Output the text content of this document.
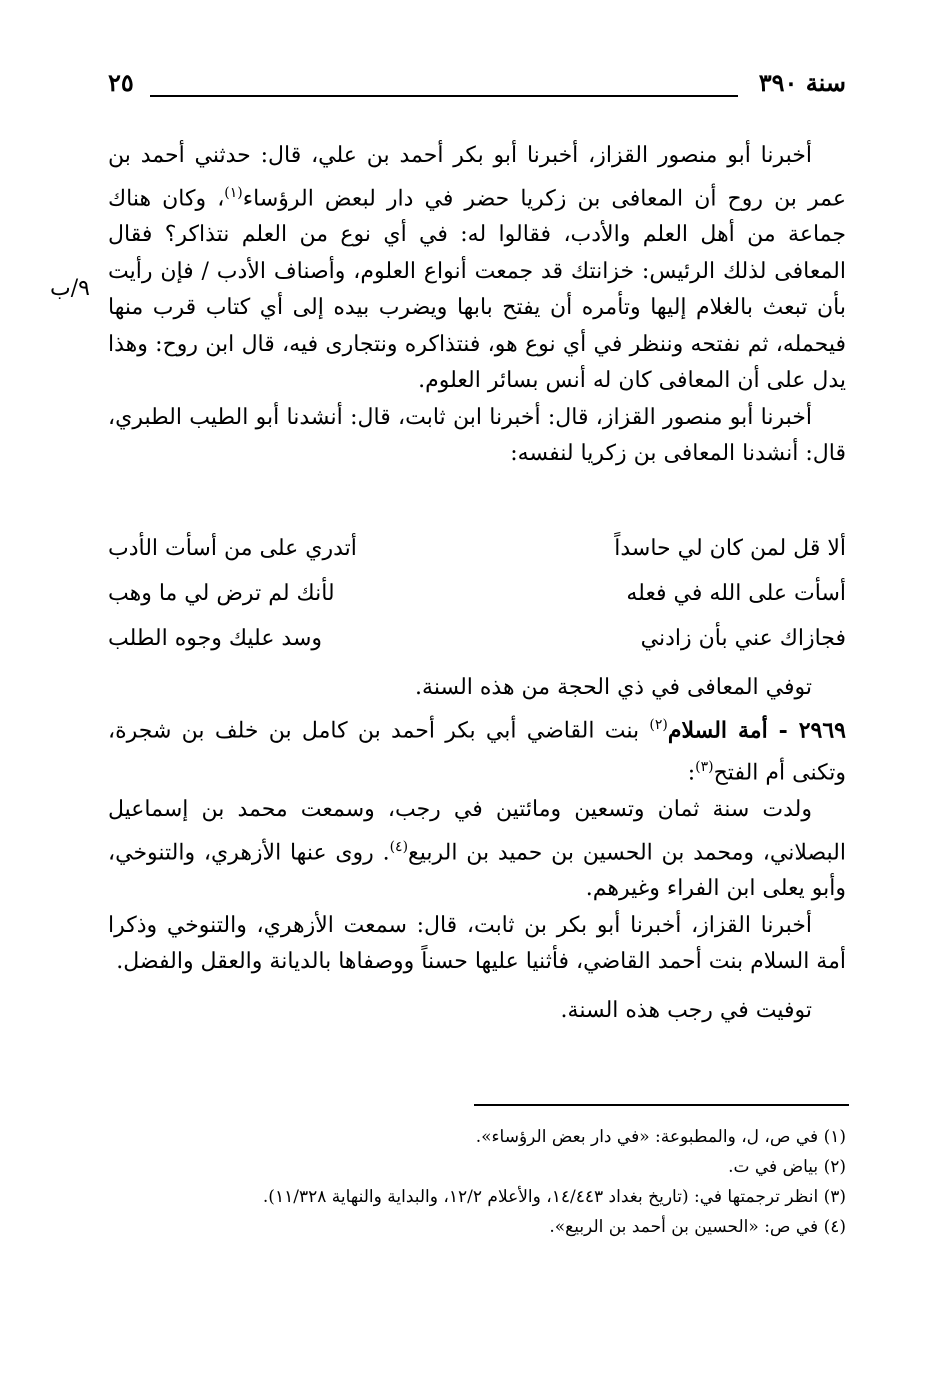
سنة ٣٩٠
٢٥
٩/ب

أخبرنا أبو منصور القزاز، أخبرنا أبو بكر أحمد بن علي، قال: حدثني أحمد بن عمر بن روح أن المعافى بن زكريا حضر في دار لبعض الرؤساء$^{(١)}$، وكان هناك جماعة من أهل العلم والأدب، فقالوا له: في أي نوع من العلم نتذاكر؟ فقال المعافى لذلك الرئيس: خزانتك قد جمعت أنواع العلوم، وأصناف الأدب / فإن رأيت بأن تبعث بالغلام إليها وتأمره أن يفتح بابها ويضرب بيده إلى أي كتاب قرب منها فيحمله، ثم نفتحه وننظر في أي نوع هو، فنتذاكره ونتجارى فيه، قال ابن روح: وهذا يدل على أن المعافى كان له أنس بسائر العلوم.

أخبرنا أبو منصور القزاز، قال: أخبرنا ابن ثابت، قال: أنشدنا أبو الطيب الطبري، قال: أنشدنا المعافى بن زكريا لنفسه:

ألا قل لمن كان لي حاسداً
أتدري على من أسأت الأدب
أسأت على الله في فعله
لأنك لم ترض لي ما وهب
فجازاك عني بأن زادني
وسد عليك وجوه الطلب

توفي المعافى في ذي الحجة من هذه السنة.

٢٩٦٩ - أمة السلام$^{(٢)}$ بنت القاضي أبي بكر أحمد بن كامل بن خلف بن شجرة، وتكنى أم الفتح$^{(٣)}$:

ولدت سنة ثمان وتسعين ومائتين في رجب، وسمعت محمد بن إسماعيل البصلاني، ومحمد بن الحسين بن حميد بن الربيع$^{(٤)}$. روى عنها الأزهري، والتنوخي، وأبو يعلى ابن الفراء وغيرهم.

أخبرنا القزاز، أخبرنا أبو بكر بن ثابت، قال: سمعت الأزهري، والتنوخي وذكرا أمة السلام بنت أحمد القاضي، فأثنيا عليها حسناً ووصفاها بالديانة والعقل والفضل.

توفيت في رجب هذه السنة.

(١) في ص، ل، والمطبوعة: «في دار بعض الرؤساء».
(٢) بياض في ت.
(٣) انظر ترجمتها في: (تاريخ بغداد ١٤/٤٤٣، والأعلام ١٢/٢، والبداية والنهاية ١١/٣٢٨).
(٤) في ص: «الحسين بن أحمد بن الربيع».
